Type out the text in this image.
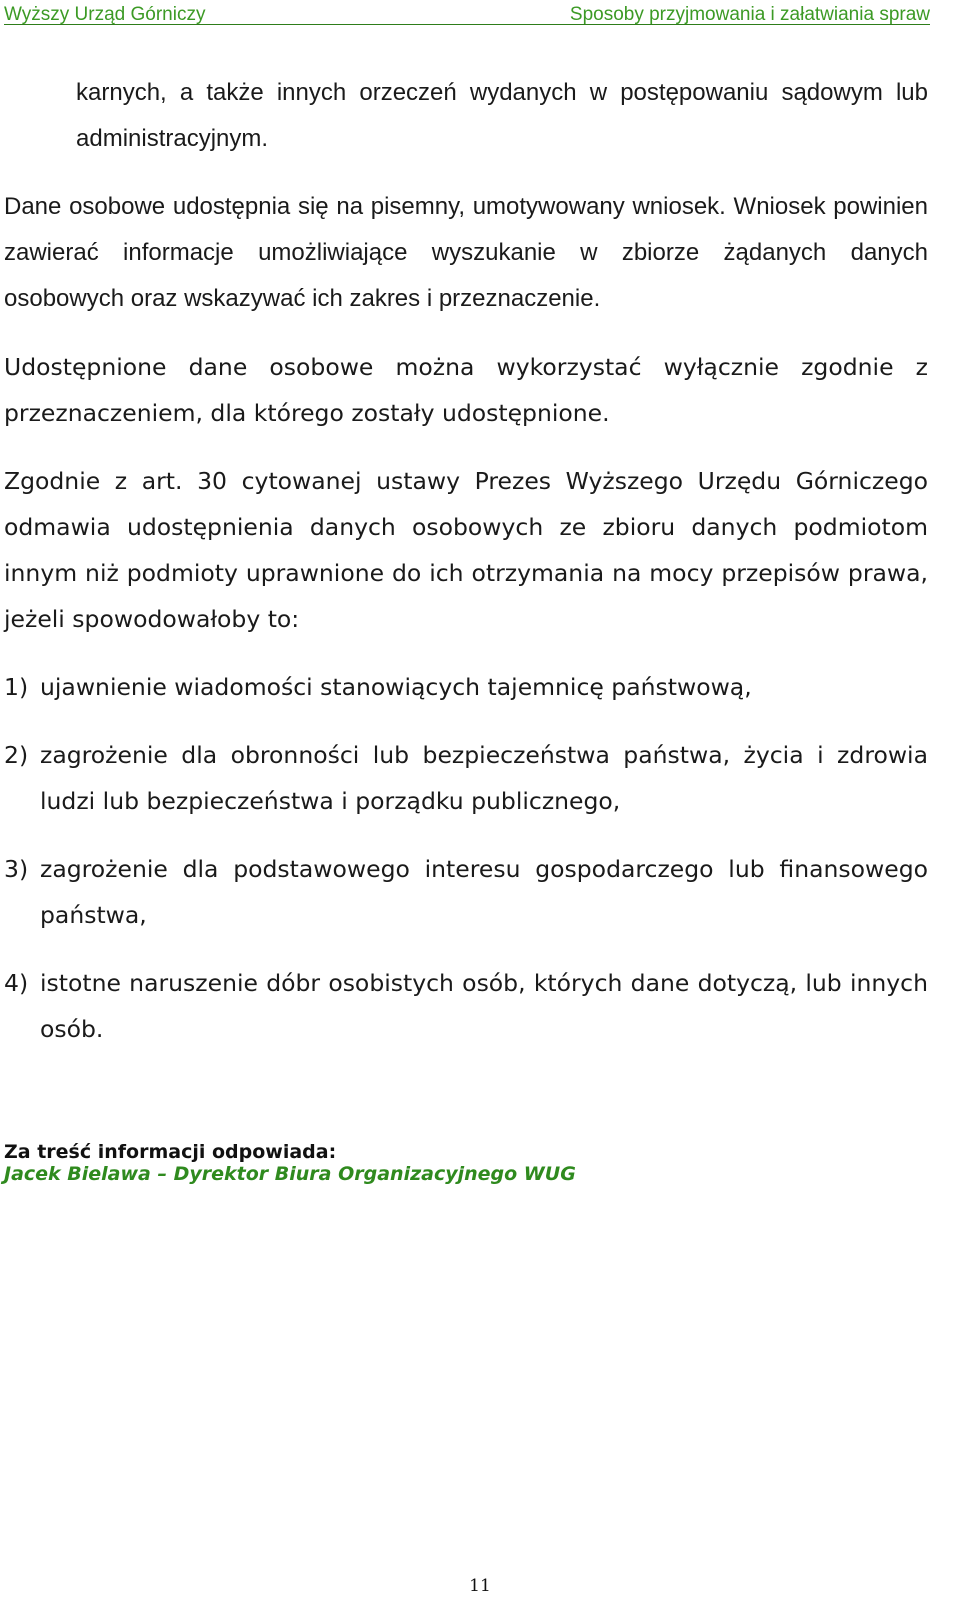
Wyższy Urząd Górniczy	Sposoby przyjmowania i załatwiania spraw

karnych, a także innych orzeczeń wydanych w postępowaniu sądowym lub administracyjnym.

Dane osobowe udostępnia się na pisemny, umotywowany wniosek. Wniosek powinien zawierać informacje umożliwiające wyszukanie w zbiorze żądanych danych osobowych oraz wskazywać ich zakres i przeznaczenie.

Udostępnione dane osobowe można wykorzystać wyłącznie zgodnie z przeznaczeniem, dla którego zostały udostępnione.

Zgodnie z art. 30 cytowanej ustawy Prezes Wyższego Urzędu Górniczego odmawia udostępnienia danych osobowych ze zbioru danych podmiotom innym niż podmioty uprawnione do ich otrzymania na mocy przepisów prawa, jeżeli spowodowałoby to:

1) ujawnienie wiadomości stanowiących tajemnicę państwową,
2) zagrożenie dla obronności lub bezpieczeństwa państwa, życia i zdrowia ludzi lub bezpieczeństwa i porządku publicznego,
3) zagrożenie dla podstawowego interesu gospodarczego lub finansowego państwa,
4) istotne naruszenie dóbr osobistych osób, których dane dotyczą, lub innych osób.
Za treść informacji odpowiada:
Jacek Bielawa – Dyrektor Biura Organizacyjnego WUG
11
